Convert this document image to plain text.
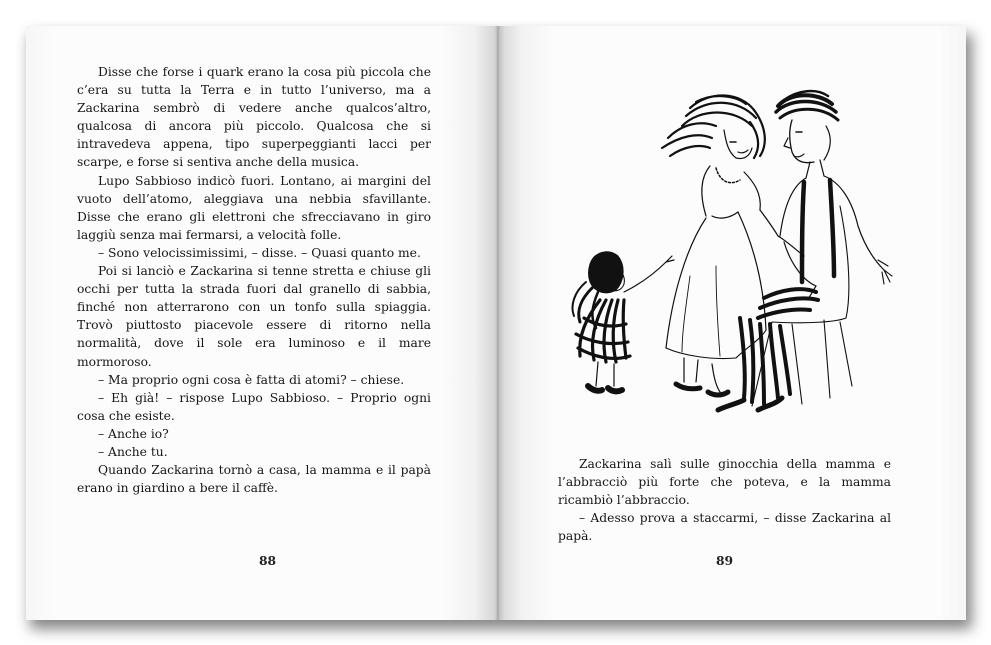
Disse che forse i quark erano la cosa più piccola che c’era su tutta la Terra e in tutto l’universo, ma a Zackarina sembrò di vedere anche qualcos’altro, qualcosa di ancora più piccolo. Qualcosa che si intravedeva appena, tipo superpeggianti lacci per scarpe, e forse si sentiva anche della musica.

Lupo Sabbioso indicò fuori. Lontano, ai margini del vuoto dell’atomo, aleggiava una nebbia sfavillante. Disse che erano gli elettroni che sfrecciavano in giro laggiù senza mai fermarsi, a velocità folle.

– Sono velocissimissimi, – disse. – Quasi quanto me.

Poi si lanciò e Zackarina si tenne stretta e chiuse gli occhi per tutta la strada fuori dal granello di sabbia, finché non atterrarono con un tonfo sulla spiaggia. Trovò piuttosto piacevole essere di ritorno nella normalità, dove il sole era luminoso e il mare mormoroso.

– Ma proprio ogni cosa è fatta di atomi? – chiese.

– Eh già! – rispose Lupo Sabbioso. – Proprio ogni cosa che esiste.

– Anche io?

– Anche tu.

Quando Zackarina tornò a casa, la mamma e il papà erano in giardino a bere il caffè.

88

Zackarina salì sulle ginocchia della mamma e l’abbracciò più forte che poteva, e la mamma ricambiò l’abbraccio.

– Adesso prova a staccarmi, – disse Zackarina al papà.

89
